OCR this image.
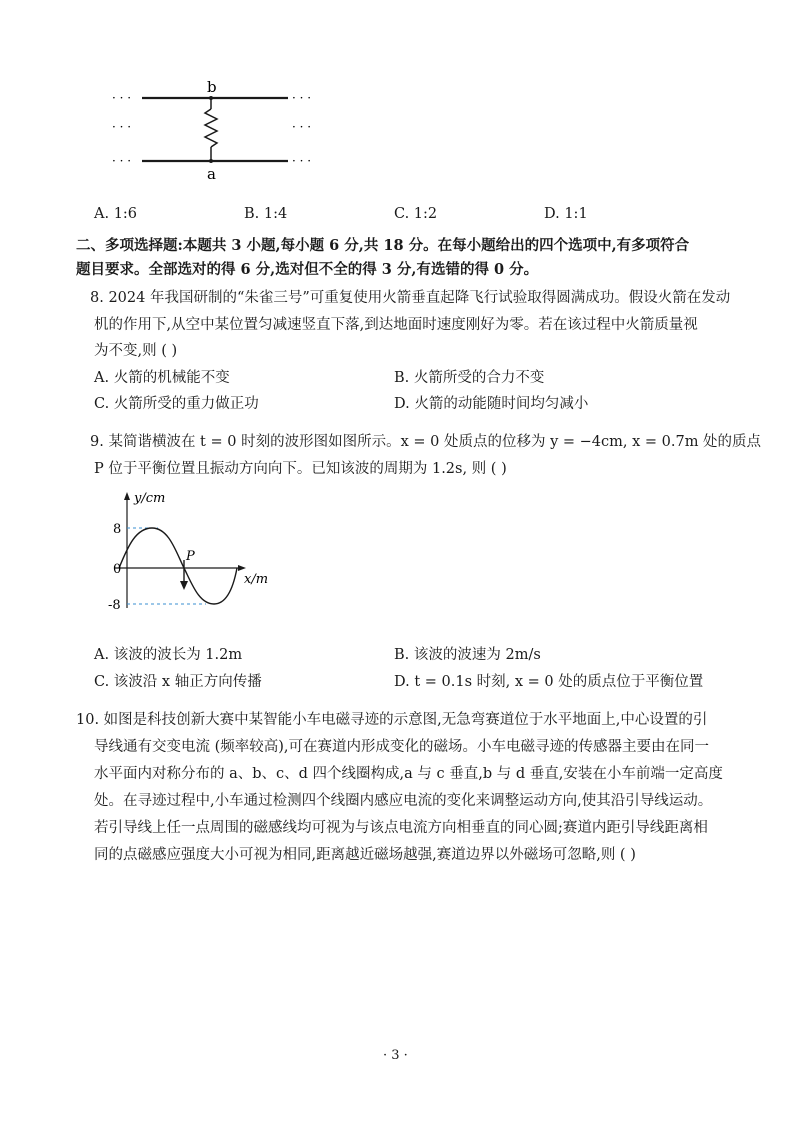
b
a
· · ·
· · ·
· · ·
· · ·
· · ·
· · ·
A. 1:6	B. 1:4	C. 1:2	D. 1:1
二、多项选择题:本题共 3 小题,每小题 6 分,共 18 分。在每小题给出的四个选项中,有多项符合
题目要求。全部选对的得 6 分,选对但不全的得 3 分,有选错的得 0 分。
8. 2024 年我国研制的“朱雀三号”可重复使用火箭垂直起降飞行试验取得圆满成功。假设火箭在发动
机的作用下,从空中某位置匀减速竖直下落,到达地面时速度刚好为零。若在该过程中火箭质量视
为不变,则 ( )
A. 火箭的机械能不变	B. 火箭所受的合力不变
C. 火箭所受的重力做正功	D. 火箭的动能随时间均匀减小
9. 某简谐横波在 t = 0 时刻的波形图如图所示。x = 0 处质点的位移为 y = −4cm, x = 0.7m 处的质点
P 位于平衡位置且振动方向向下。已知该波的周期为 1.2s, 则 ( )
y/cm
x/m
8
0
-8
P
A. 该波的波长为 1.2m	B. 该波的波速为 2m/s
C. 该波沿 x 轴正方向传播	D. t = 0.1s 时刻, x = 0 处的质点位于平衡位置
10. 如图是科技创新大赛中某智能小车电磁寻迹的示意图,无急弯赛道位于水平地面上,中心设置的引
导线通有交变电流 (频率较高),可在赛道内形成变化的磁场。小车电磁寻迹的传感器主要由在同一
水平面内对称分布的 a、b、c、d 四个线圈构成,a 与 c 垂直,b 与 d 垂直,安装在小车前端一定高度
处。在寻迹过程中,小车通过检测四个线圈内感应电流的变化来调整运动方向,使其沿引导线运动。
若引导线上任一点周围的磁感线均可视为与该点电流方向相垂直的同心圆;赛道内距引导线距离相
同的点磁感应强度大小可视为相同,距离越近磁场越强,赛道边界以外磁场可忽略,则 ( )
· 3 ·
